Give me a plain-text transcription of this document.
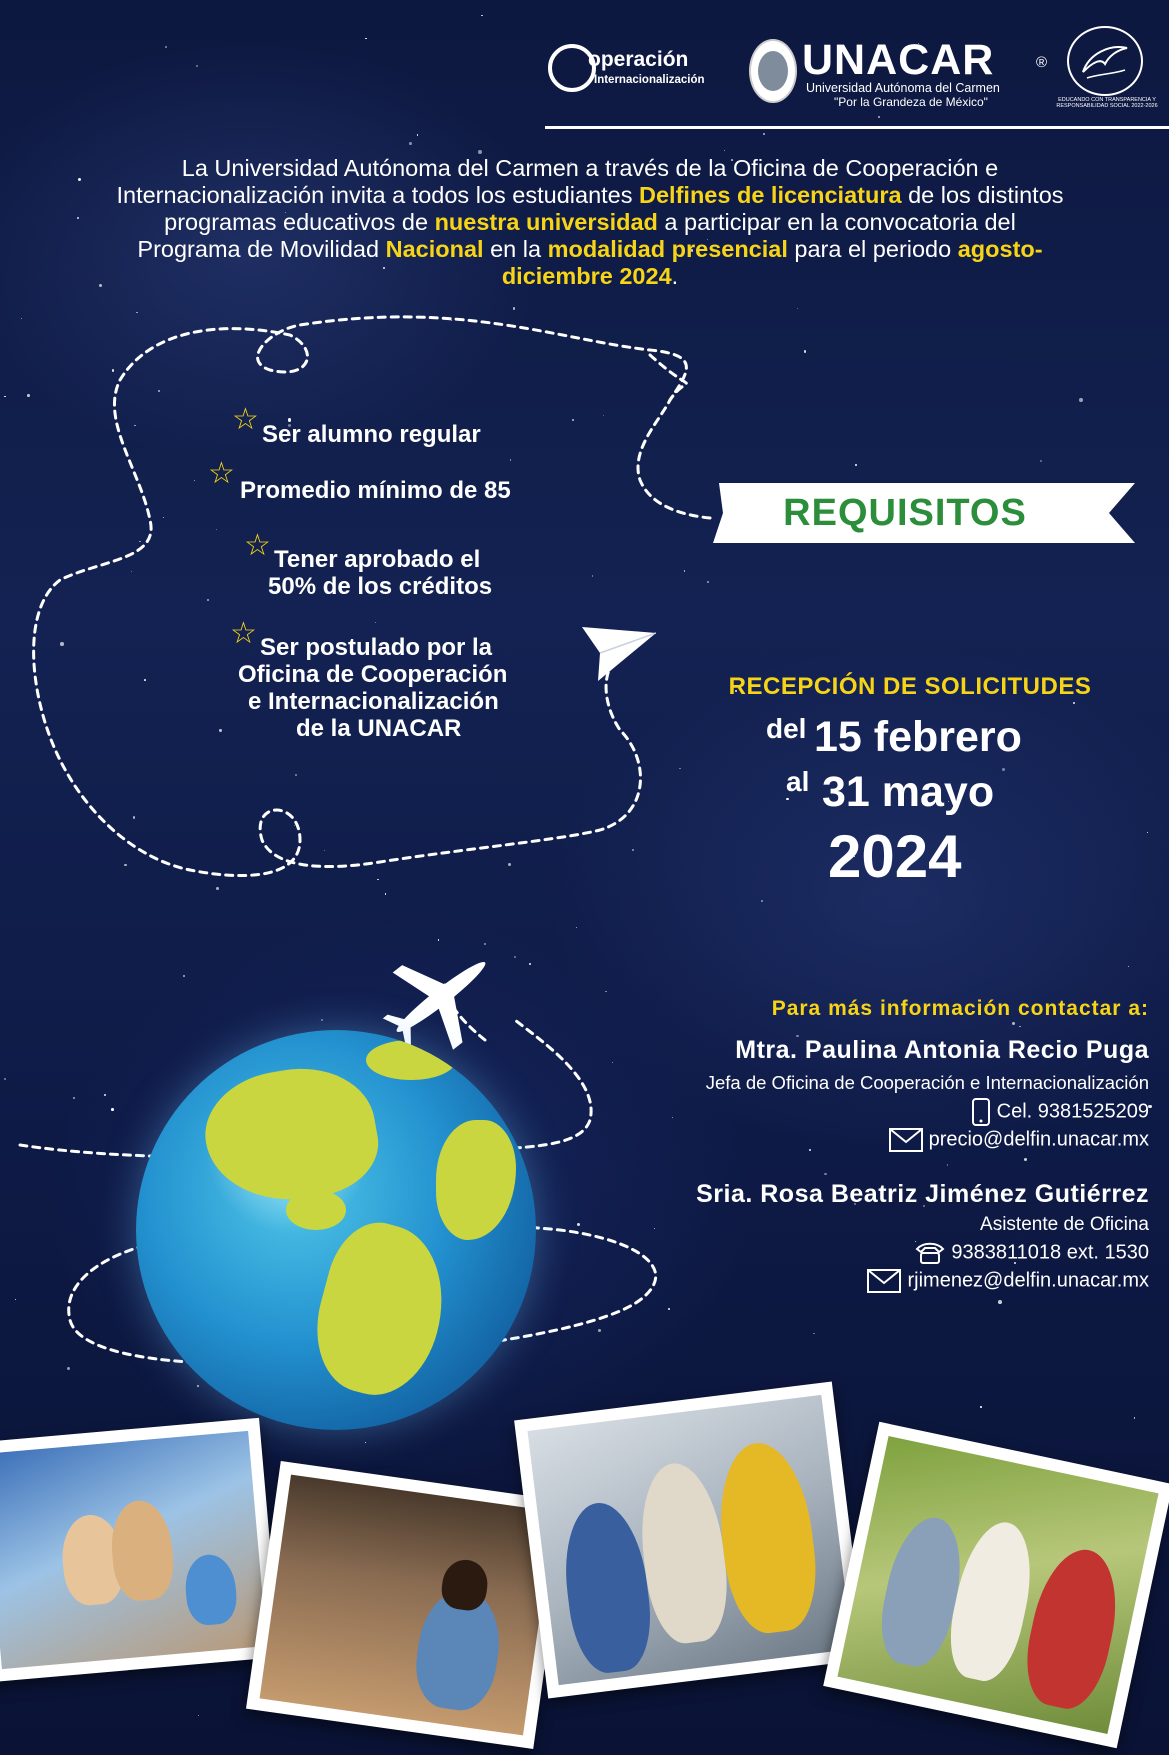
operación
Internacionalización UNACAR	®
Universidad Autónoma del Carmen
"Por la Grandeza de México"	EDUCANDO CON TRANSPARENCIA Y RESPONSABILIDAD SOCIAL 2022-2026
La Universidad Autónoma del Carmen a través de la Oficina de Cooperación e Internacionalización invita a todos los estudiantes Delfines de licenciatura de los distintos programas educativos de nuestra universidad a participar en la convocatoria del Programa de Movilidad Nacional en la modalidad presencial para el periodo agosto-diciembre 2024.
☆ Ser alumno regular
☆
Promedio mínimo de 85
☆ Tener aprobado el
50% de los créditos
☆ Ser postulado por la
Oficina de Cooperación
e Internacionalización
de la UNACAR
REQUISITOS
RECEPCIÓN DE SOLICITUDES
del 15 febrero
al 31 mayo
2024
Para más información contactar a:
Mtra. Paulina Antonia Recio Puga
Jefa de Oficina de Cooperación e Internacionalización
Cel. 9381525209
precio@delfin.unacar.mx
Sria. Rosa Beatriz Jiménez Gutiérrez
Asistente de Oficina
9383811018 ext. 1530
rjimenez@delfin.unacar.mx
